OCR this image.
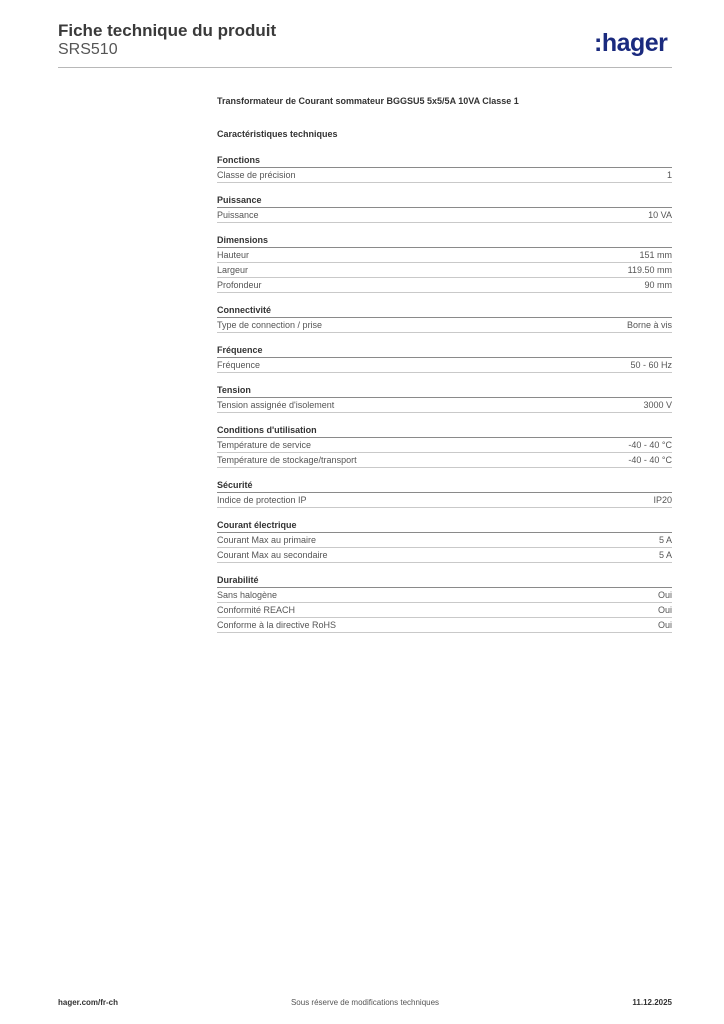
Fiche technique du produit
SRS510	:hager
Transformateur de Courant sommateur BGGSU5 5x5/5A 10VA Classe 1
Caractéristiques techniques
Fonctions
Classe de précision	1
Puissance
Puissance	10 VA
Dimensions
Hauteur	151 mm
Largeur	119.50 mm
Profondeur	90 mm
Connectivité
Type de connection / prise	Borne à vis
Fréquence
Fréquence	50 - 60 Hz
Tension
Tension assignée d'isolement	3000 V
Conditions d'utilisation
Température de service	-40 - 40 °C
Température de stockage/transport	-40 - 40 °C
Sécurité
Indice de protection IP	IP20
Courant électrique
Courant Max au primaire	5 A
Courant Max au secondaire	5 A
Durabilité
Sans halogène	Oui
Conformité REACH	Oui
Conforme à la directive RoHS	Oui
hager.com/fr-ch	Sous réserve de modifications techniques	11.12.2025
